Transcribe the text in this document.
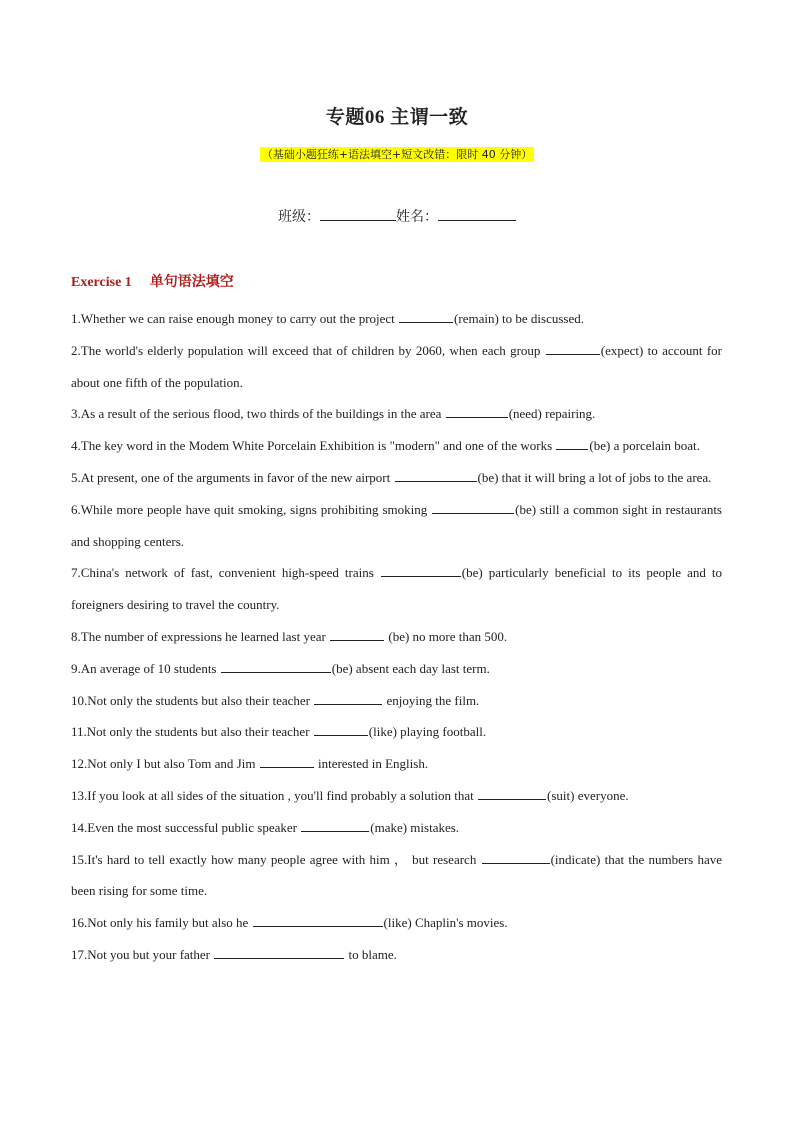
专题06 主谓一致
（基础小题狂练+语法填空+短文改错：限时 40 分钟）
班级：	姓名：
Exercise 1 单句语法填空
1.Whether we can raise enough money to carry out the project	(remain) to be discussed.
2.The world's elderly population will exceed that of children by 2060, when each group	(expect) to account for about one fifth of the population.
3.As a result of the serious flood, two thirds of the buildings in the area	(need) repairing.
4.The key word in the Modem White Porcelain Exhibition is "modern" and one of the works	(be) a porcelain boat.
5.At present, one of the arguments in favor of the new airport	(be) that it will bring a lot of jobs to the area.
6.While more people have quit smoking, signs prohibiting smoking	(be) still a common sight in restaurants and shopping centers.
7.China's network of fast, convenient high-speed trains	(be) particularly beneficial to its people and to foreigners desiring to travel the country.
8.The number of expressions he learned last year	(be) no more than 500.
9.An average of 10 students	(be) absent each day last term.
10.Not only the students but also their teacher	enjoying the film.
11.Not only the students but also their teacher	(like) playing football.
12.Not only I but also Tom and Jim	interested in English.
13.If you look at all sides of the situation , you'll find probably a solution that	(suit) everyone.
14.Even the most successful public speaker	(make) mistakes.
15.It's hard to tell exactly how many people agree with him ， but research	(indicate) that the numbers have been rising for some time.
16.Not only his family but also he	(like) Chaplin's movies.
17.Not you but your father	to blame.
